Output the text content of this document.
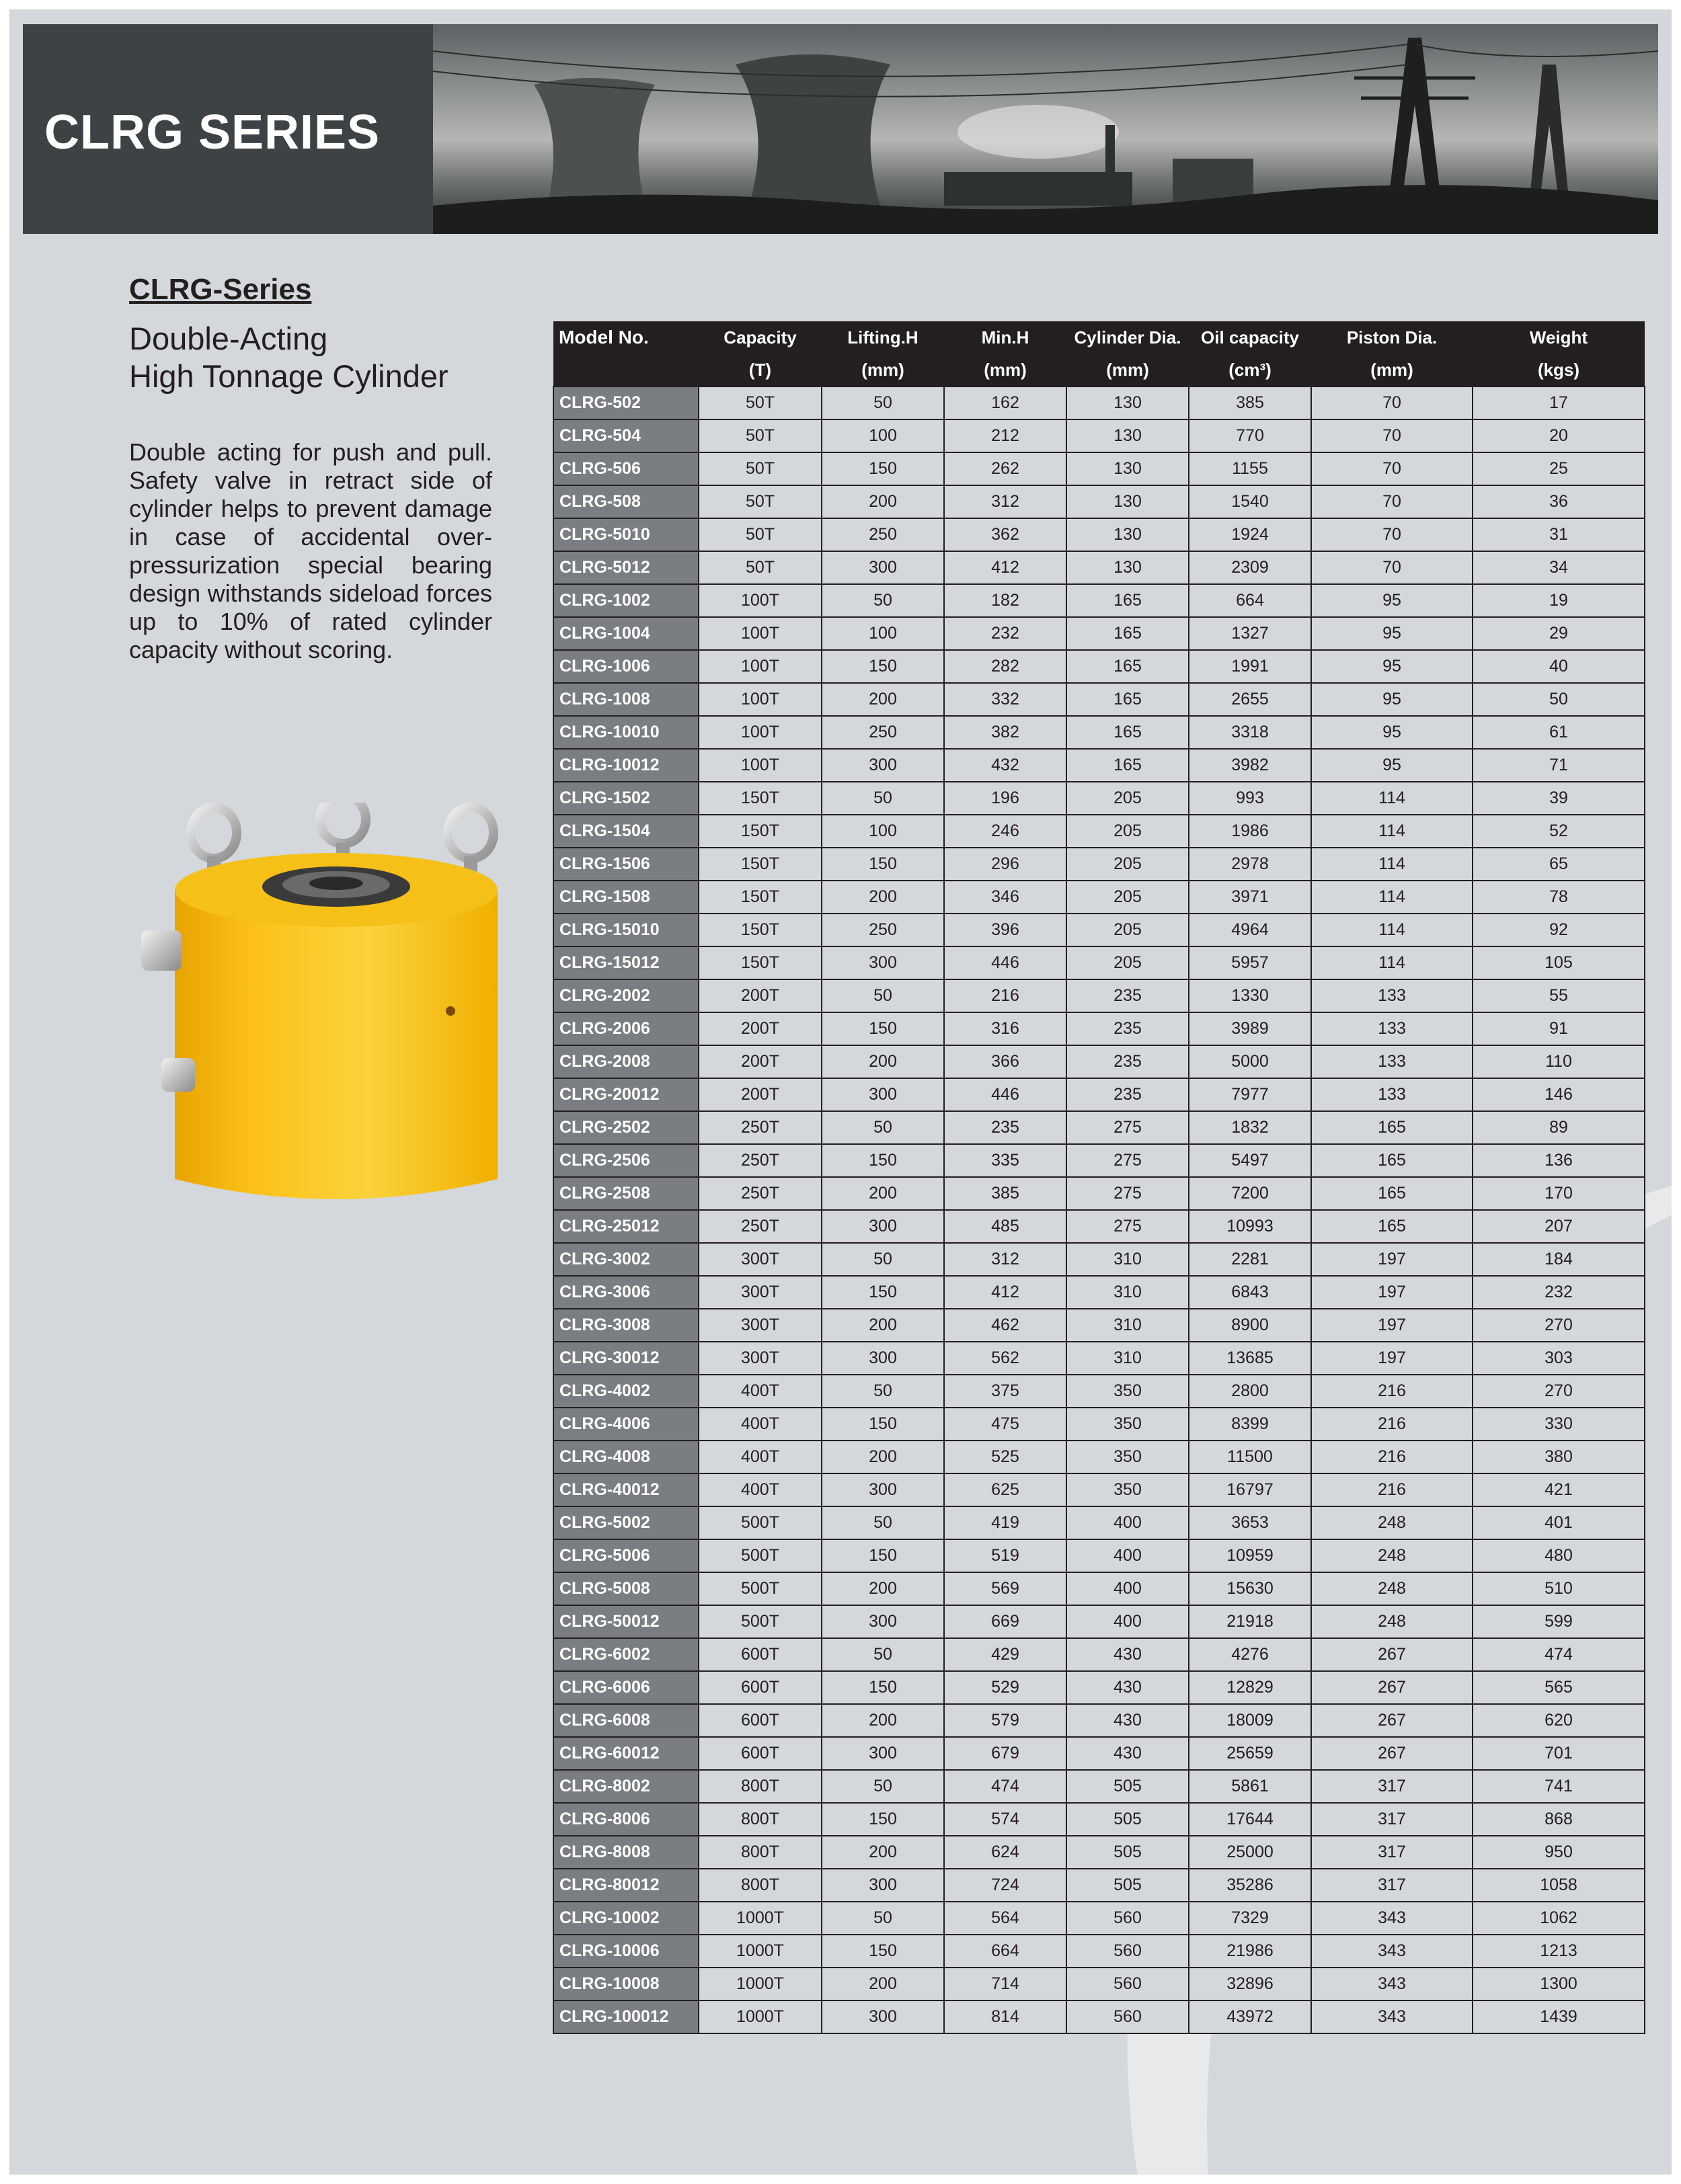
CLRG SERIES
CLRG-Series
Double-Acting
High Tonnage Cylinder
Double acting for push and pull. Safety valve in retract side of cylinder helps to prevent damage in case of accidental over-pressurization special bearing design withstands sideload forces up to 10% of rated cylinder capacity without scoring.
Model No.	Capacity	Lifting.H	Min.H	Cylinder Dia.	Oil capacity	Piston Dia.	Weight
	(T)	(mm)	(mm)	(mm)	(cm³)	(mm)	(kgs)
CLRG-502	50T	50	162	130	385	70	17
CLRG-504	50T	100	212	130	770	70	20
CLRG-506	50T	150	262	130	1155	70	25
CLRG-508	50T	200	312	130	1540	70	36
CLRG-5010	50T	250	362	130	1924	70	31
CLRG-5012	50T	300	412	130	2309	70	34
CLRG-1002	100T	50	182	165	664	95	19
CLRG-1004	100T	100	232	165	1327	95	29
CLRG-1006	100T	150	282	165	1991	95	40
CLRG-1008	100T	200	332	165	2655	95	50
CLRG-10010	100T	250	382	165	3318	95	61
CLRG-10012	100T	300	432	165	3982	95	71
CLRG-1502	150T	50	196	205	993	114	39
CLRG-1504	150T	100	246	205	1986	114	52
CLRG-1506	150T	150	296	205	2978	114	65
CLRG-1508	150T	200	346	205	3971	114	78
CLRG-15010	150T	250	396	205	4964	114	92
CLRG-15012	150T	300	446	205	5957	114	105
CLRG-2002	200T	50	216	235	1330	133	55
CLRG-2006	200T	150	316	235	3989	133	91
CLRG-2008	200T	200	366	235	5000	133	110
CLRG-20012	200T	300	446	235	7977	133	146
CLRG-2502	250T	50	235	275	1832	165	89
CLRG-2506	250T	150	335	275	5497	165	136
CLRG-2508	250T	200	385	275	7200	165	170
CLRG-25012	250T	300	485	275	10993	165	207
CLRG-3002	300T	50	312	310	2281	197	184
CLRG-3006	300T	150	412	310	6843	197	232
CLRG-3008	300T	200	462	310	8900	197	270
CLRG-30012	300T	300	562	310	13685	197	303
CLRG-4002	400T	50	375	350	2800	216	270
CLRG-4006	400T	150	475	350	8399	216	330
CLRG-4008	400T	200	525	350	11500	216	380
CLRG-40012	400T	300	625	350	16797	216	421
CLRG-5002	500T	50	419	400	3653	248	401
CLRG-5006	500T	150	519	400	10959	248	480
CLRG-5008	500T	200	569	400	15630	248	510
CLRG-50012	500T	300	669	400	21918	248	599
CLRG-6002	600T	50	429	430	4276	267	474
CLRG-6006	600T	150	529	430	12829	267	565
CLRG-6008	600T	200	579	430	18009	267	620
CLRG-60012	600T	300	679	430	25659	267	701
CLRG-8002	800T	50	474	505	5861	317	741
CLRG-8006	800T	150	574	505	17644	317	868
CLRG-8008	800T	200	624	505	25000	317	950
CLRG-80012	800T	300	724	505	35286	317	1058
CLRG-10002	1000T	50	564	560	7329	343	1062
CLRG-10006	1000T	150	664	560	21986	343	1213
CLRG-10008	1000T	200	714	560	32896	343	1300
CLRG-100012	1000T	300	814	560	43972	343	1439
